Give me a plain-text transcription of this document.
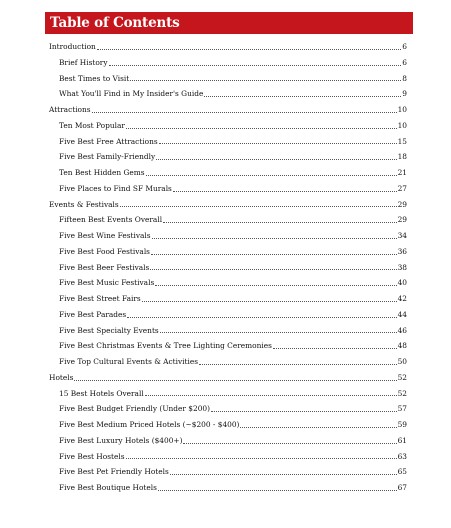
Table of Contents
Introduction	6
Brief History	6
Best Times to Visit	8
What You'll Find in My Insider's Guide	9
Attractions	10
Ten Most Popular	10
Five Best Free Attractions	15
Five Best Family-Friendly	18
Ten Best Hidden Gems	21
Five Places to Find SF Murals	27
Events & Festivals	29
Fifteen Best Events Overall	29
Five Best Wine Festivals	34
Five Best Food Festivals	36
Five Best Beer Festivals	38
Five Best Music Festivals	40
Five Best Street Fairs	42
Five Best Parades	44
Five Best Specialty Events	46
Five Best Christmas Events & Tree Lighting Ceremonies	48
Five Top Cultural Events & Activities	50
Hotels	52
15 Best Hotels Overall	52
Five Best Budget Friendly (Under $200)	57
Five Best Medium Priced Hotels (~$200 - $400)	59
Five Best Luxury Hotels ($400+)	61
Five Best Hostels	63
Five Best Pet Friendly Hotels	65
Five Best Boutique Hotels	67
